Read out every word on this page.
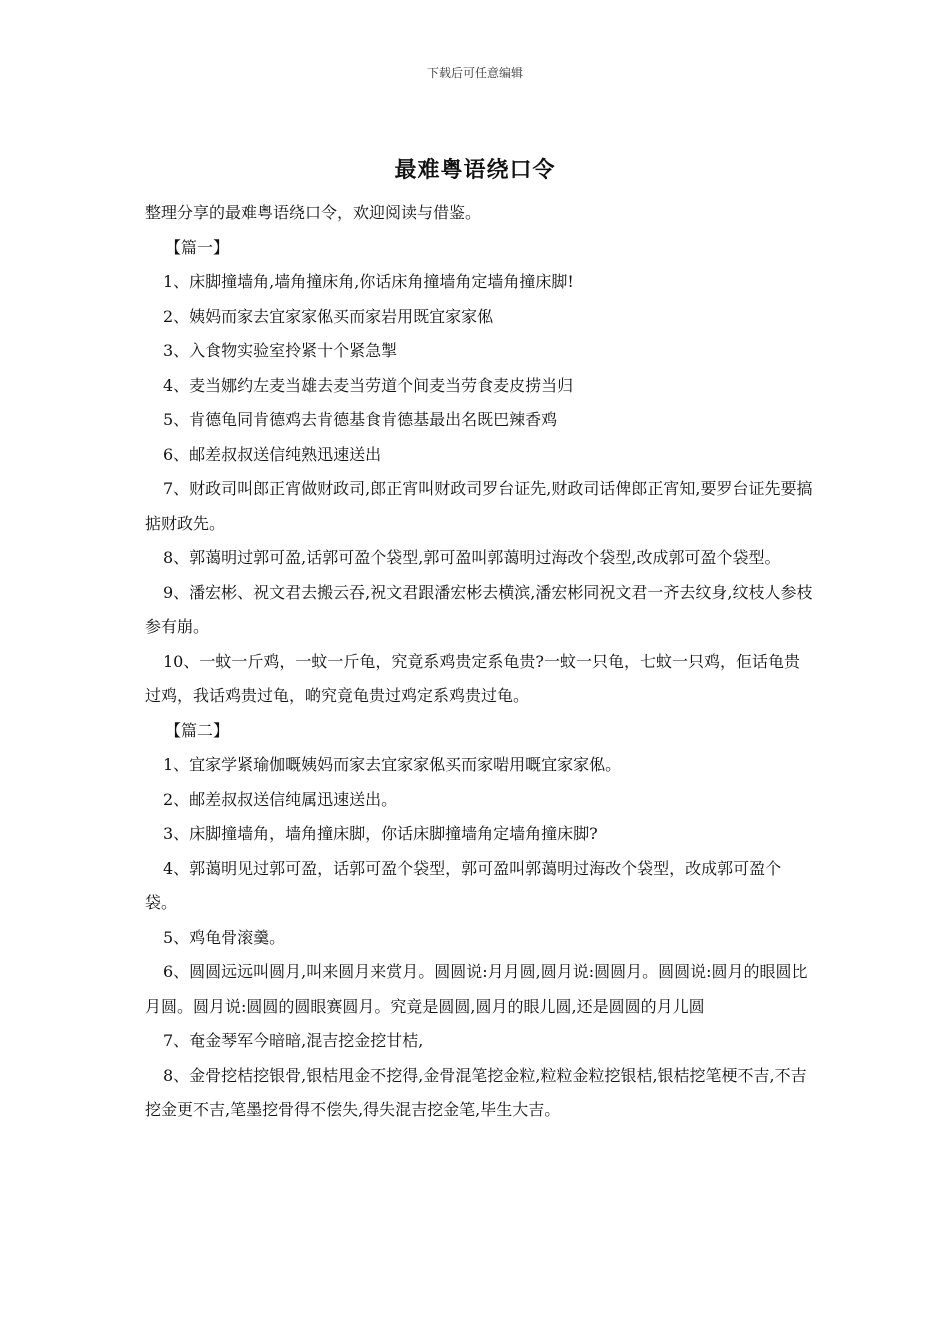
下载后可任意编辑
最难粤语绕口令

整理分享的最难粤语绕口令，欢迎阅读与借鉴。

【篇一】

1、床脚撞墙角,墙角撞床角,你话床角撞墙角定墙角撞床脚!

2、姨妈而家去宜家家俬买而家岩用既宜家家俬

3、入食物实验室拎紧十个紧急掣

4、麦当娜约左麦当雄去麦当劳道个间麦当劳食麦皮捞当归

5、肯德龟同肯德鸡去肯德基食肯德基最出名既巴辣香鸡

6、邮差叔叔送信纯熟迅速送出

7、财政司叫郎正宵做财政司,郎正宵叫财政司罗台证先,财政司话俾郎正宵知,要罗台证先要搞掂财政先。

8、郭蔼明过郭可盈,话郭可盈个袋型,郭可盈叫郭蔼明过海改个袋型,改成郭可盈个袋型。

9、潘宏彬、祝文君去搬云吞,祝文君跟潘宏彬去横滨,潘宏彬同祝文君一齐去纹身,纹枝人参枝参有崩。

10、一蚊一斤鸡，一蚊一斤龟，究竟系鸡贵定系龟贵?一蚊一只龟，七蚊一只鸡，佢话龟贵过鸡，我话鸡贵过龟，啲究竟龟贵过鸡定系鸡贵过龟。

【篇二】

1、宜家学紧瑜伽嘅姨妈而家去宜家家俬买而家啱用嘅宜家家俬。

2、邮差叔叔送信纯属迅速送出。

3、床脚撞墙角，墙角撞床脚，你话床脚撞墙角定墙角撞床脚?

4、郭蔼明见过郭可盈，话郭可盈个袋型，郭可盈叫郭蔼明过海改个袋型，改成郭可盈个袋。

5、鸡龟骨滚羹。

6、圆圆远远叫圆月,叫来圆月来赏月。圆圆说:月月圆,圆月说:圆圆月。圆圆说:圆月的眼圆比月圆。圆月说:圆圆的圆眼赛圆月。究竟是圆圆,圆月的眼儿圆,还是圆圆的月儿圆

7、奄金琴军今暗暗,混吉挖金挖甘桔,

8、金骨挖桔挖银骨,银桔甩金不挖得,金骨混笔挖金粒,粒粒金粒挖银桔,银桔挖笔梗不吉,不吉挖金更不吉,笔墨挖骨得不偿失,得失混吉挖金笔,毕生大吉。
